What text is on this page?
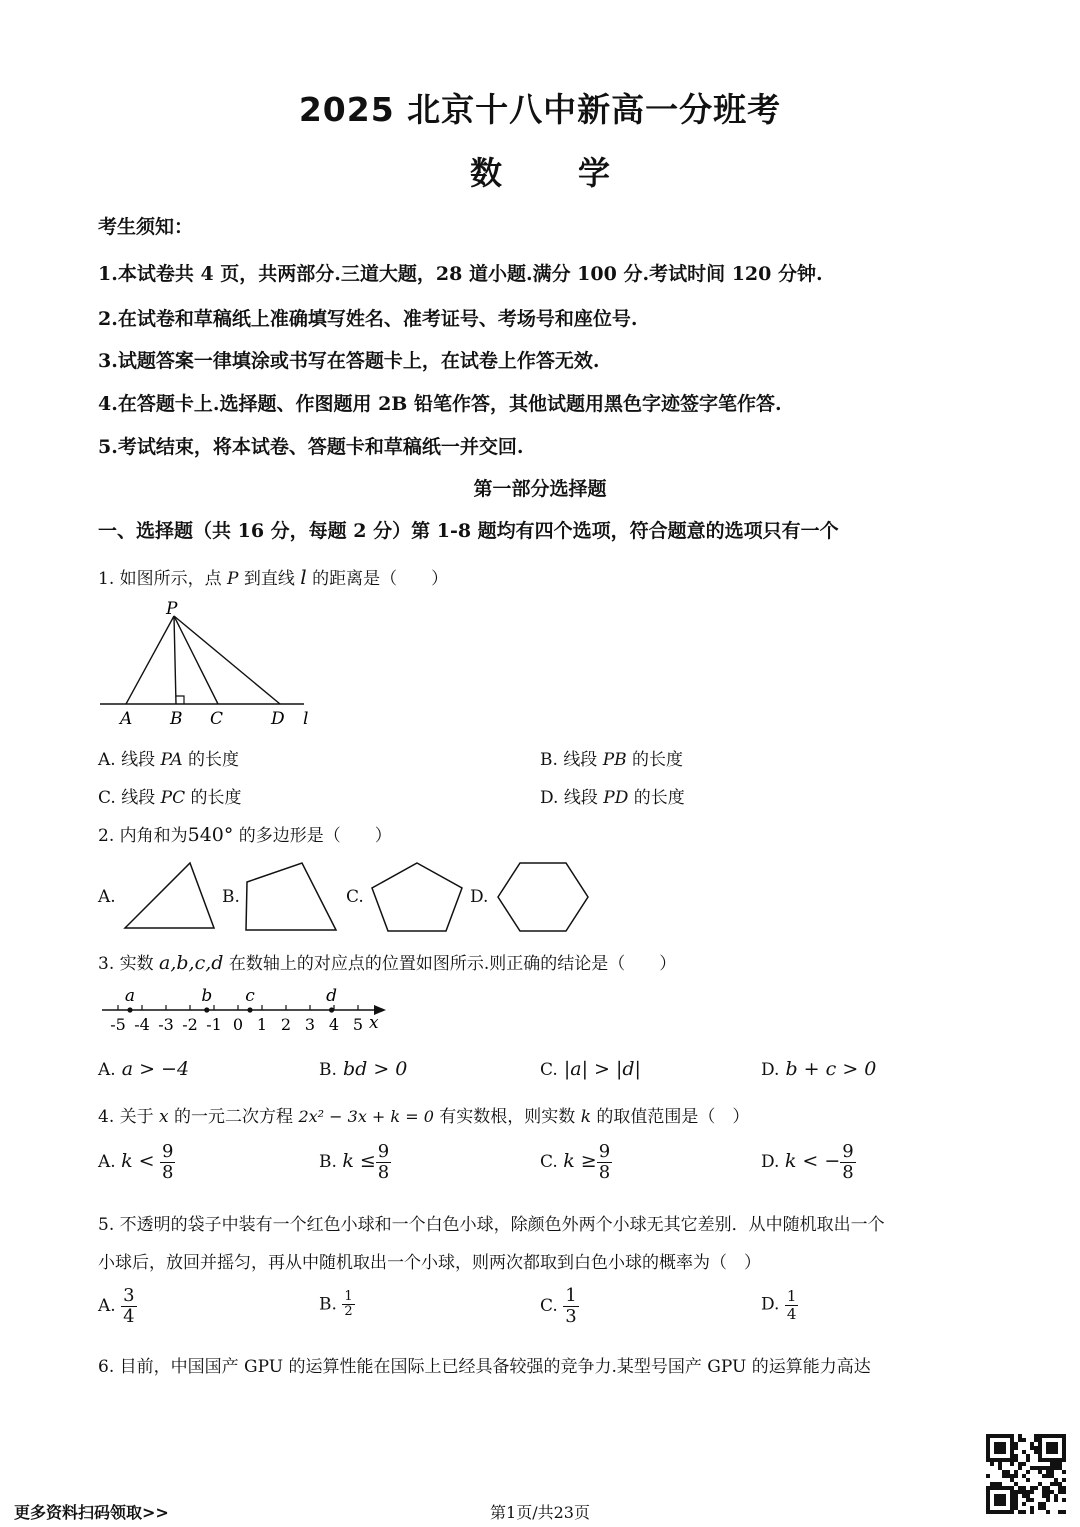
2025 北京十八中新高一分班考
数 学
考生须知：
1.本试卷共 4 页，共两部分.三道大题，28 道小题.满分 100 分.考试时间 120 分钟.
2.在试卷和草稿纸上准确填写姓名、准考证号、考场号和座位号.
3.试题答案一律填涂或书写在答题卡上，在试卷上作答无效.
4.在答题卡上.选择题、作图题用 2B 铅笔作答，其他试题用黑色字迹签字笔作答.
5.考试结束，将本试卷、答题卡和草稿纸一并交回.
第一部分选择题
一、选择题（共 16 分，每题 2 分）第 1-8 题均有四个选项，符合题意的选项只有一个
1. 如图所示，点 P 到直线 l 的距离是（　　）
P
A B C	D l
A. 线段 PA 的长度	B. 线段 PB 的长度
C. 线段 PC 的长度	D. 线段 PD 的长度
2. 内角和为540° 的多边形是（　　）
A.	B.	C.	D.
3. 实数 a,b,c,d 在数轴上的对应点的位置如图所示.则正确的结论是（　　）
-5 -4 -3 -2 -1 0 1 2 3 4 5
a	b c	d
x
A. a > −4	B. bd > 0	C. |a| > |d|	D. b + c > 0
4. 关于 x 的一元二次方程 2x² − 3x + k = 0 有实数根，则实数 k 的取值范围是（　）
A. $k < \frac{9}{8}$	B. $k \le \frac{9}{8}$	C. $k \ge \frac{9}{8}$	D. k < − $\frac{9}{8}$
5. 不透明的袋子中装有一个红色小球和一个白色小球，除颜色外两个小球无其它差别．从中随机取出一个
小球后，放回并摇匀，再从中随机取出一个小球，则两次都取到白色小球的概率为（　）
A. $\frac{3}{4}$	B. $\frac{1}{2}$	C. $\frac{1}{3}$	D. $\frac{1}{4}$
6. 目前，中国国产 GPU 的运算性能在国际上已经具备较强的竞争力.某型号国产 GPU 的运算能力高达
更多资料扫码领取>>	第1页/共23页
